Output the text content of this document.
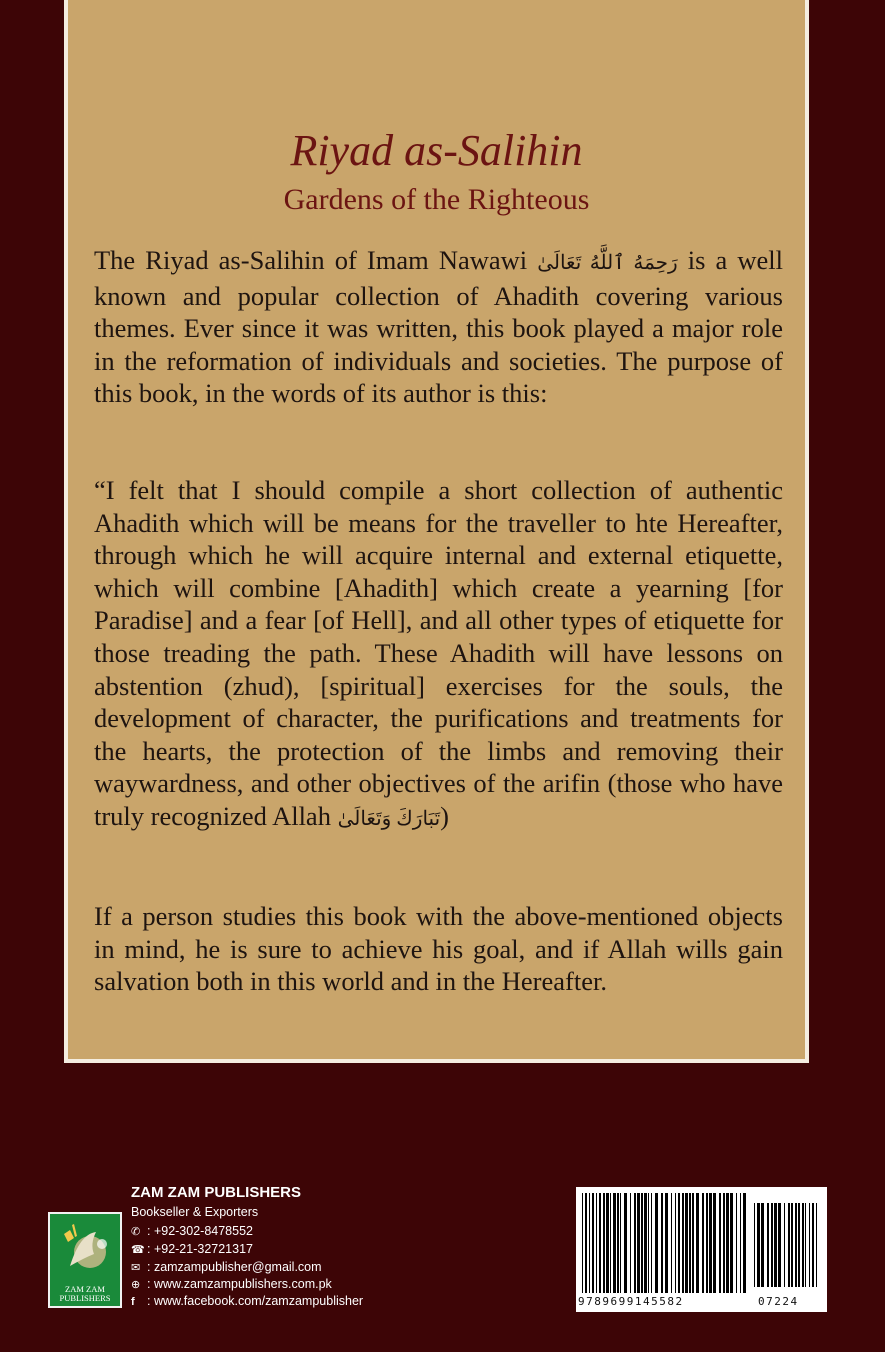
Riyad as-Salihin
Gardens of the Righteous
The Riyad as-Salihin of Imam Nawawi رَحِمَهُ ٱللَّهُ تَعَالَىٰ is a well known and popular collection of Ahadith covering various themes. Ever since it was written, this book played a major role in the reformation of individuals and societies. The purpose of this book, in the words of its author is this:
“I felt that I should compile a short collection of authentic Ahadith which will be means for the traveller to hte Hereafter, through which he will acquire internal and external etiquette, which will combine [Ahadith] which create a yearning [for Paradise] and a fear [of Hell], and all other types of etiquette for those treading the path. These Ahadith will have lessons on abstention (zhud), [spiritual] exercises for the souls, the development of character, the purifications and treatments for the hearts, the protection of the limbs and removing their waywardness, and other objectives of the arifin (those who have truly recognized Allah تَبَارَكَ وَتَعَالَىٰ)
If a person studies this book with the above-mentioned objects in mind, he is sure to achieve his goal, and if Allah wills gain salvation both in this world and in the Hereafter.
ZAM ZAM
PUBLISHERS
ZAM ZAM PUBLISHERS
Bookseller & Exporters
✆ : +92-302-8478552
☎ : +92-21-32721317
✉ : zamzampublisher@gmail.com
⊕ : www.zamzampublishers.com.pk
f : www.facebook.com/zamzampublisher	9789699145582	07224
